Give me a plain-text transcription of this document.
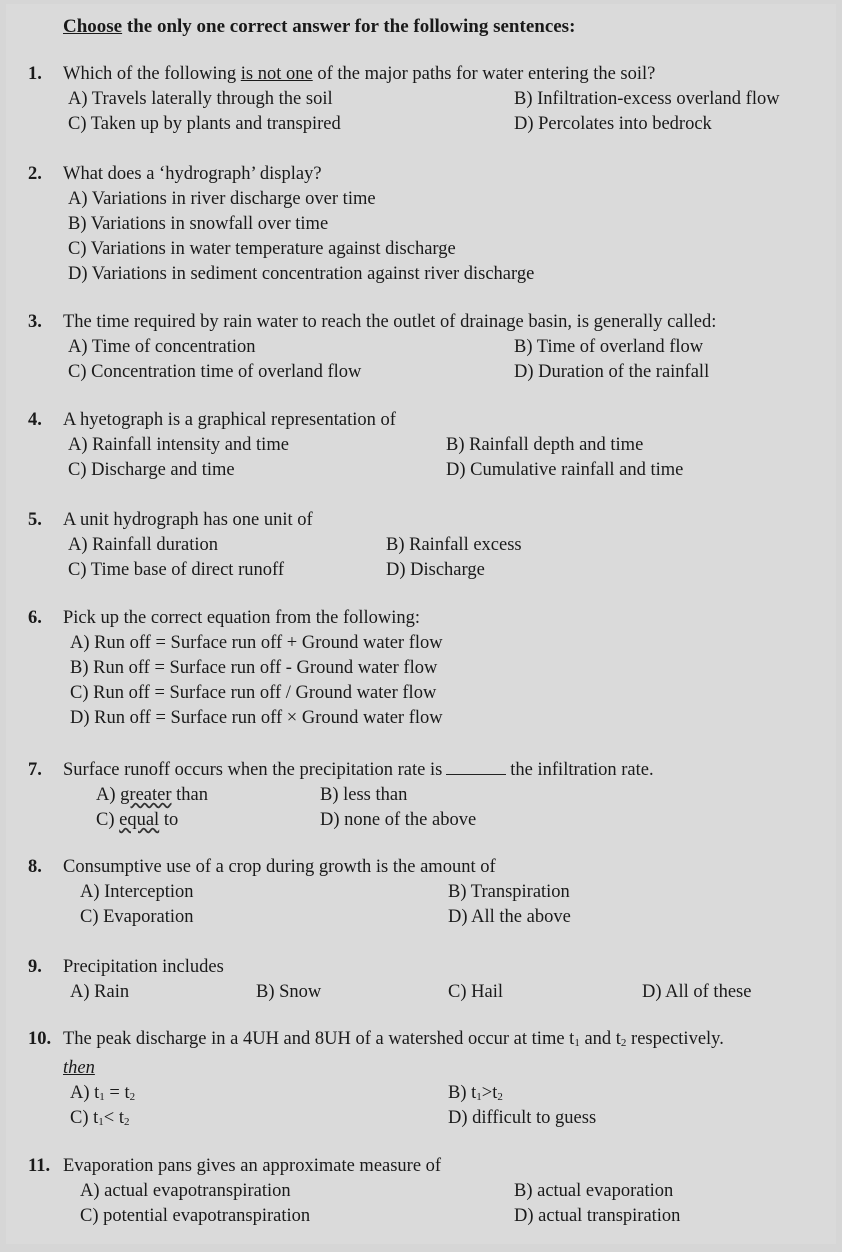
Choose the only one correct answer for the following sentences:
1. Which of the following is not one of the major paths for water entering the soil?
A) Travels laterally through the soil	B) Infiltration-excess overland flow
C) Taken up by plants and transpired	D) Percolates into bedrock
2. What does a ‘hydrograph’ display?
A) Variations in river discharge over time
B) Variations in snowfall over time
C) Variations in water temperature against discharge
D) Variations in sediment concentration against river discharge
3. The time required by rain water to reach the outlet of drainage basin, is generally called:
A) Time of concentration	B) Time of overland flow
C) Concentration time of overland flow	D) Duration of the rainfall
4. A hyetograph is a graphical representation of
A) Rainfall intensity and time	B) Rainfall depth and time
C) Discharge and time	D) Cumulative rainfall and time
5. A unit hydrograph has one unit of
A) Rainfall duration	B) Rainfall excess
C) Time base of direct runoff	D) Discharge
6. Pick up the correct equation from the following:
A) Run off = Surface run off + Ground water flow
B) Run off = Surface run off - Ground water flow
C) Run off = Surface run off / Ground water flow
D) Run off = Surface run off × Ground water flow
7. Surface runoff occurs when the precipitation rate is	the infiltration rate.
A) greater than	B) less than
C) equal to	D) none of the above
8. Consumptive use of a crop during growth is the amount of
A) Interception	B) Transpiration
C) Evaporation	D) All the above
9. Precipitation includes
A) Rain	B) Snow	C) Hail	D) All of these
10. The peak discharge in a 4UH and 8UH of a watershed occur at time t1 and t2 respectively.
then
A) t1 = t2	B) t1>t2
C) t1< t2	D) difficult to guess
11. Evaporation pans gives an approximate measure of
A) actual evapotranspiration	B) actual evaporation
C) potential evapotranspiration	D) actual transpiration
